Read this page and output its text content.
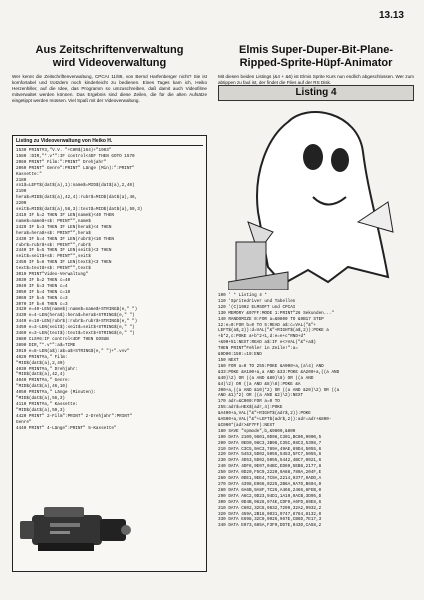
13.13
Aus Zeitschriftenverwaltung
wird Videoverwaltung

Wer kennt die Zeitschriftenverwaltung, CPCAI 11/89, von Bernd Harfenberger nicht? Sie ist komfortabel und trotzdem noch kinderleicht zu bedienen. Eines Tages kam ich, Heiko Herzenhiller, auf die Idee, das Programm so umzuschreiben, daß damit auch Videofilme mitverwaltet werden können. Das Ergebnis sind diese Zeilen, die für die alten Aufsätze eingetippt werden müssen. Viel Spaß mit der Videoverwaltung.

Elmis Super-Duper-Bit-Plane-
Ripped-Sprite-Hüpf-Animator

Mit diesen beiden Listings (&4 + &6) ist Elmis Sprite Kurs nun endlich abgeschlossen. Wer zum abtippen zu faul ist, der findet die Files auf der RS Disk.

Listing zu Videoverwaltung von Heiko H.
1530 PRINT#3,"V.V. "+CHR$(164)+"1993"
1580 :DIR,"*.v*":IF control<4DF THEN GOTO 1570
2060 PRINT" Film:":PRINT" Drehjahr"
2060 PRINT" Genre":PRINT" Länge (Min):":PRINT"
Kassette:"
2180
sn1$=LEFT$(dat$(a),1):name$=MID$(dat$(a),2,40)
2190
hera$=MID$(dat$(a),42,4):rubr$=MID$(dat$(a),46,
2200
seit$=MID$(dat$(a),56,3):text$=MID$(dat$(a),59,3)
2410 IF b=2 THEN IF LEN(name$)<40 THEN
name$=name$+s$: PRINT"",name$
2420 IF b=3 THEN IF LEN(hera$)<4 THEN
hera$=hera$+s$: PRINT"",hera$
2430 IF b=4 THEN IF LEN(rubr$)<10 THEN
rubr$=rubr$+s$: PRINT"",rubr$
2440 IF b=5 THEN IF LEN(seit$)<3 THEN
seit$=seit$+s$: PRINT"",seit$
2450 IF b=6 THEN IF LEN(text$)<3 THEN
text$=text$+s$: PRINT"",text$
3010 PRINT"Video-Verwaltung"
3030 IF b=2 THEN c=40
3040 IF b=3 THEN c=4
3050 IF b=4 THEN c=10
3060 IF b=5 THEN c=3
3070 IF b=6 THEN c=3
3420 e=40-LEN(name$):name$=name$+STRING$(e," ")
3430 e=4-LEN(hera$):hera$=hera$+STRING$(e," ")
3440 e=10-LEN(rubr$):rubr$=rubr$+STRING$(e," ")
3450 e=3-LEN(seit$):seit$=seit$+STRING$(e," ")
3460 e=3-LEN(text$):text$=text$+STRING$(e," ")
3880 CLS#6:IF control<4DF THEN GOSUB
3890 DIR,"*.v*":a$=TIME
3910 e=8-LEN(a$):a$=a$+STRING$(e," ")+".vvv"
4020 PRINT#a," Film:
"MID$(dat$(a),2,40)
4030 PRINT#a," Drehjahr:
"MID$(dat$(a),42,4)
4040 PRINT#a," Genre:
"MID$(dat$(a),46,10)
4050 PRINT#a," Länge (Minuten):
"MID$(dat$(a),56,3)
4110 PRINT#a," Kassette:
"MID$(dat$(a),59,3)
4420 PRINT" 2-Film":PRINT" 2-Drehjahr":PRINT"
Genre"
4440 PRINT" 4-Länge":PRINT" 5-Kassette"
Listing 4
100 ' * Listing 4 *
110 'Spritedriver und Tabellen
120 '(C)1992 ELMSOFT und CPCAI
130 MEMORY &97FF:MODE 1:PRINT"26 Sekunden..."
140 RANDOMIZE 0:FOR a=&9800 TO &9B17 STEP
12:e=0:FOR b=0 TO 5:READ a$:c=VAL("&"+
LEFT$(a$,2)):d=VAL("&"+RIGHT$(a$,2)):POKE a
+b*2,c:POKE a+b*2+1,d:e=e+c*RND+d*
+&90+51:NEXT:READ a$:IF e<>VAL("&"+a$)
THEN PRINT"Fehler in Zeile!":a=
&9D00:150:=19:END
150 NEXT
160 FOR a=0 TO 255:POKE &A000+a,(a\4) AND
&33:POKE &A100+a,a AND &33:POKE &A200+a,((a AND
&40)\2) OR ((a AND &80)\8) OR ((a AND
&4)\2) OR ((a AND &8)\8):POKE &A
300+a,((a AND &10)*2) OR ((a AND &20)\2) OR ((a
AND &1)*2) OR ((a AND &2)\2):NEXT
170 adr=&C000:FOR a=0 TO
255:adr$=HEX$(adr,4):POKE
&A400+a,VAL("&"+RIGHT$(adr$,2)):POKE
&A500+a,VAL("&"+LEFT$(adr$,2)):adr=adr+&800-
&C000*(adr>&F7FF):NEXT
180 SAVE "spmode",b,&9800,&800
190 DATA 2109,9801,0D98,C301,BC00,0000,5
200 DATA 0ED0,98C3,3B98,C35C,98C3,5398,7
210 DATA C3C5,9AC3,789A,49AE,69D4,5055,6
220 DATA 5453,5D02,5055,5453,5FC7,5055,6
230 DATA 4D53,5D02,5055,5442,4BC7,0021,6
240 DATA 4DF8,9E07,04BC,ED69,5EB8,2177,8
250 DATA 0D20,F5C9,2220,9A88,780A,204F,E
260 DATA 0DE1,9EE4,7C9A,2214,9377,9ADD,A
270 DATA 4398,E066,0225,2B6A,9A7D,B604,0
280 DATA 6A6B,9A8F,7C26,A466,2466,6FEB,0
290 DATA A6C2,9D23,94D1,1A19,9ACB,3D95,D
300 DATA 0D4B,0626,974E,CDF9,A6FD,89E8,6
310 DATA C602,32C8,9832,7299,32A2,9932,2
320 DATA 459A,2B18,9031,9747,8784,8132,0
330 DATA E698,32C0,9926,967E,CB6D,7E17,3
340 DATA E073,685A,F3F9,DD7E,043D,CA58,2
